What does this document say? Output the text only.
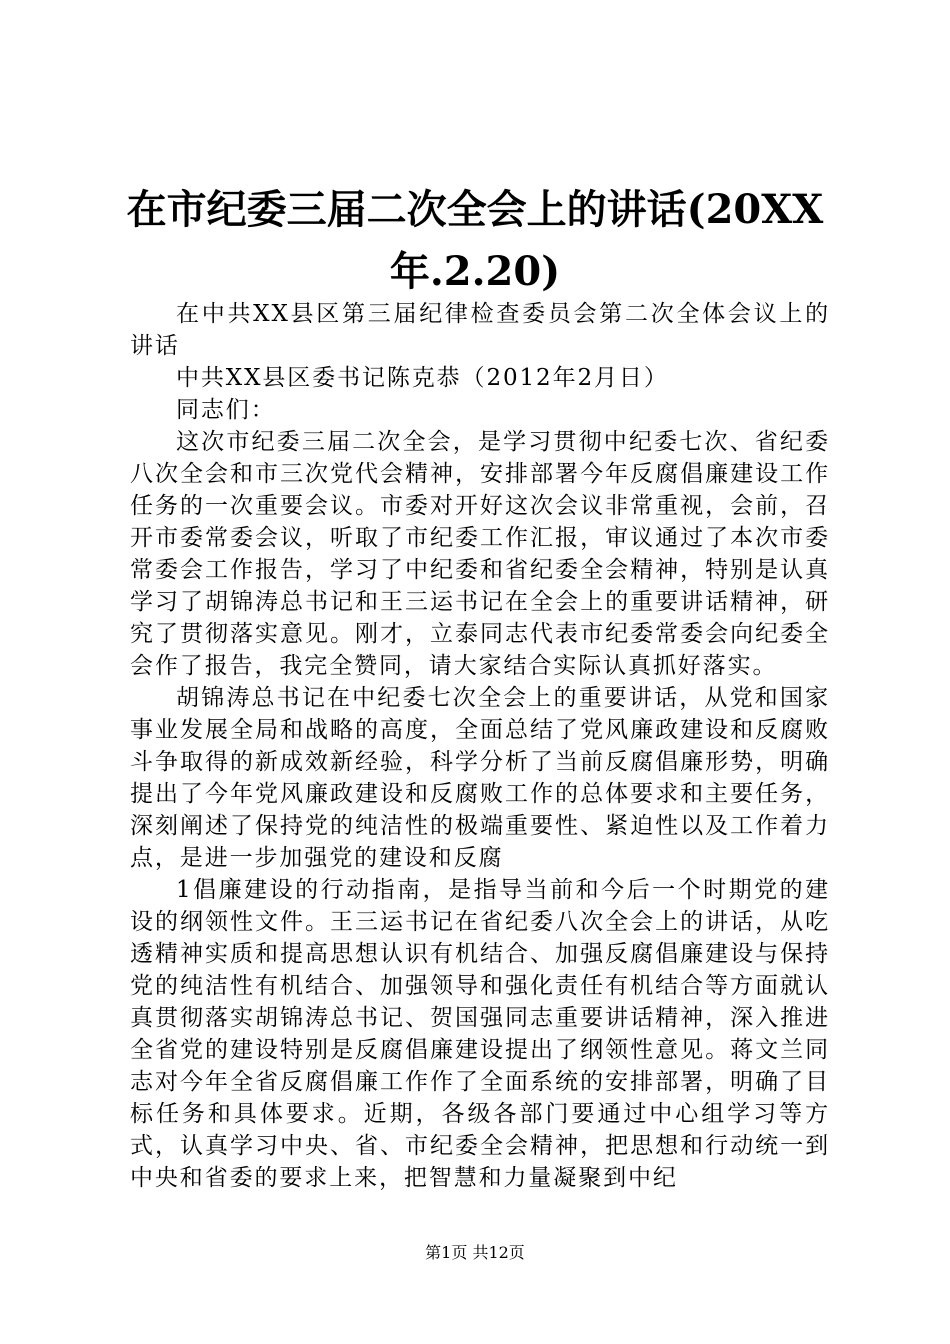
在市纪委三届二次全会上的讲话(20XX
年.2.20)

在中共XX县区第三届纪律检查委员会第二次全体会议上的讲话

中共XX县区委书记陈克恭（2012年2月日）

同志们：

这次市纪委三届二次全会，是学习贯彻中纪委七次、省纪委八次全会和市三次党代会精神，安排部署今年反腐倡廉建设工作任务的一次重要会议。市委对开好这次会议非常重视，会前，召开市委常委会议，听取了市纪委工作汇报，审议通过了本次市委常委会工作报告，学习了中纪委和省纪委全会精神，特别是认真学习了胡锦涛总书记和王三运书记在全会上的重要讲话精神，研究了贯彻落实意见。刚才，立泰同志代表市纪委常委会向纪委全会作了报告，我完全赞同，请大家结合实际认真抓好落实。

胡锦涛总书记在中纪委七次全会上的重要讲话，从党和国家事业发展全局和战略的高度，全面总结了党风廉政建设和反腐败斗争取得的新成效新经验，科学分析了当前反腐倡廉形势，明确提出了今年党风廉政建设和反腐败工作的总体要求和主要任务，深刻阐述了保持党的纯洁性的极端重要性、紧迫性以及工作着力点，是进一步加强党的建设和反腐

1倡廉建设的行动指南，是指导当前和今后一个时期党的建设的纲领性文件。王三运书记在省纪委八次全会上的讲话，从吃透精神实质和提高思想认识有机结合、加强反腐倡廉建设与保持党的纯洁性有机结合、加强领导和强化责任有机结合等方面就认真贯彻落实胡锦涛总书记、贺国强同志重要讲话精神，深入推进全省党的建设特别是反腐倡廉建设提出了纲领性意见。蒋文兰同志对今年全省反腐倡廉工作作了全面系统的安排部署，明确了目标任务和具体要求。近期，各级各部门要通过中心组学习等方式，认真学习中央、省、市纪委全会精神，把思想和行动统一到中央和省委的要求上来，把智慧和力量凝聚到中纪

第1页 共12页
